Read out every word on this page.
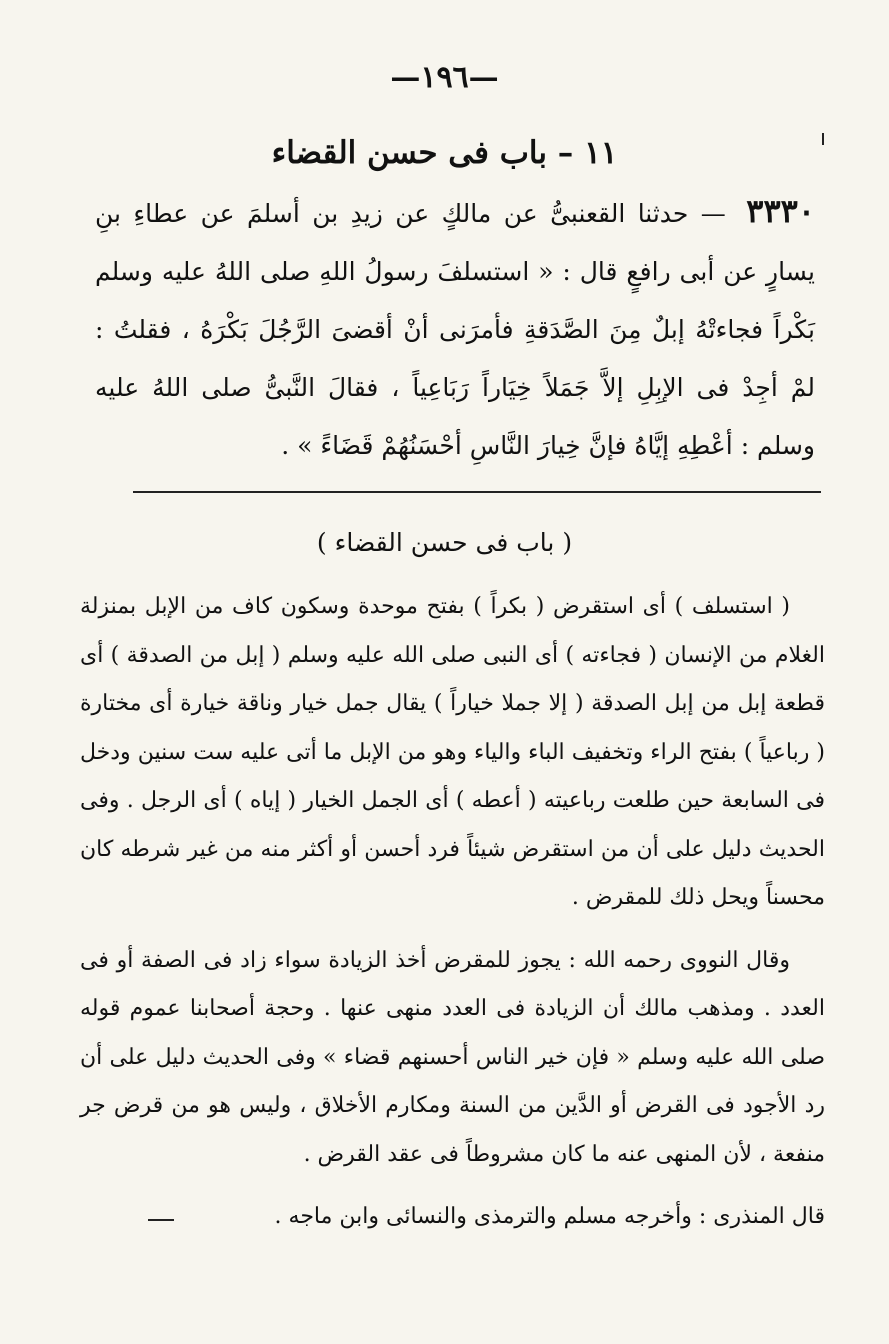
—١٩٦—
١١ – باب فى حسن القضاء
٣٣٣٠ — حدثنا القعنبىُّ عن مالكٍ عن زيدِ بن أسلمَ عن عطاءِ بنِ يسارٍ عن أبى رافعٍ قال : « استسلفَ رسولُ اللهِ صلى اللهُ عليه وسلم بَكْراً فجاءتْهُ إبلٌ مِنَ الصَّدَقةِ فأمرَنى أنْ أقضىَ الرَّجُلَ بَكْرَهُ ، فقلتُ : لمْ أجِدْ فى الإبِلِ إلاَّ جَمَلاً خِيَاراً رَبَاعِياً ، فقالَ النَّبىُّ صلى اللهُ عليه وسلم : أعْطِهِ إيَّاهُ فإنَّ خِيارَ النَّاسِ أحْسَنُهُمْ قَضَاءً » .
( باب فى حسن القضاء )

( استسلف ) أى استقرض ( بكراً ) بفتح موحدة وسكون كاف من الإبل بمنزلة الغلام من الإنسان ( فجاءته ) أى النبى صلى الله عليه وسلم ( إبل من الصدقة ) أى قطعة إبل من إبل الصدقة ( إلا جملا خياراً ) يقال جمل خيار وناقة خيارة أى مختارة ( رباعياً ) بفتح الراء وتخفيف الباء والياء وهو من الإبل ما أتى عليه ست سنين ودخل فى السابعة حين طلعت رباعيته ( أعطه ) أى الجمل الخيار ( إياه ) أى الرجل . وفى الحديث دليل على أن من استقرض شيئاً فرد أحسن أو أكثر منه من غير شرطه كان محسناً ويحل ذلك للمقرض .

وقال النووى رحمه الله : يجوز للمقرض أخذ الزيادة سواء زاد فى الصفة أو فى العدد . ومذهب مالك أن الزيادة فى العدد منهى عنها . وحجة أصحابنا عموم قوله صلى الله عليه وسلم « فإن خير الناس أحسنهم قضاء » وفى الحديث دليل على أن رد الأجود فى القرض أو الدَّين من السنة ومكارم الأخلاق ، وليس هو من قرض جر منفعة ، لأن المنهى عنه ما كان مشروطاً فى عقد القرض .

قال المنذرى : وأخرجه مسلم والترمذى والنسائى وابن ماجه .
